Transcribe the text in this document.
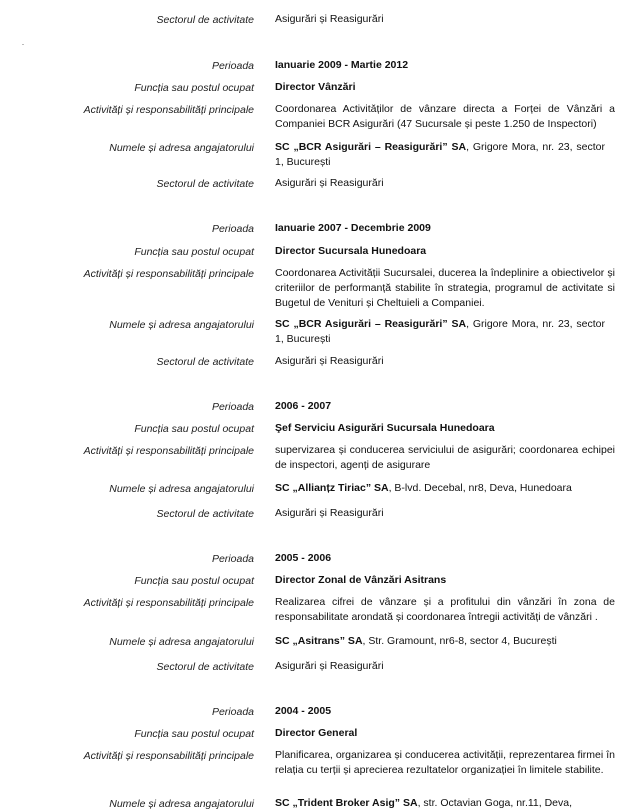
Sectorul de activitate Asigurări și Reasigurări
Perioada Ianuarie 2009 - Martie 2012
Funcția sau postul ocupat Director Vânzări
Activități și responsabilități principale Coordonarea Activitǎților de vânzare directa a Forței de Vânzări a Companiei BCR Asigurări (47 Sucursale și peste 1.250 de Inspectori)
Numele și adresa angajatorului SC „BCR Asigurări – Reasigurări” SA, Grigore Mora, nr. 23, sector 1, București
Sectorul de activitate Asigurări și Reasigurări
Perioada Ianuarie 2007 - Decembrie 2009
Funcția sau postul ocupat Director Sucursala Hunedoara
Activități și responsabilități principale Coordonarea Activității Sucursalei, ducerea la îndeplinire a obiectivelor și criteriilor de performanță stabilite în strategia, programul de activitate si Bugetul de Venituri și Cheltuieli a Companiei.
Numele și adresa angajatorului SC „BCR Asigurări – Reasigurări” SA, Grigore Mora, nr. 23, sector 1, București
Sectorul de activitate Asigurări și Reasigurări
Perioada 2006 - 2007
Funcția sau postul ocupat Şef Serviciu Asigurări Sucursala Hunedoara
Activități și responsabilități principale supervizarea și conducerea serviciului de asigurări; coordonarea echipei de inspectori, agenți de asigurare
Numele și adresa angajatorului SC „Allianțz Tiriac” SA, B-lvd. Decebal, nr8, Deva, Hunedoara
Sectorul de activitate Asigurări și Reasigurări
Perioada 2005 - 2006
Funcția sau postul ocupat Director Zonal de Vânzări Asitrans
Activități și responsabilități principale Realizarea cifrei de vânzare și a profitului din vânzări în zona de responsabilitate arondată și coordonarea întregii activități de vânzări .
Numele și adresa angajatorului SC „Asitrans” SA, Str. Gramount, nr6-8, sector 4, București
Sectorul de activitate Asigurări și Reasigurări
Perioada 2004 - 2005
Funcția sau postul ocupat Director General
Activități și responsabilități principale Planificarea, organizarea și conducerea activității, reprezentarea firmei în relația cu terții și aprecierea rezultatelor organizației în limitele stabilite.
Numele și adresa angajatorului SC „Trident Broker Asig” SA, str. Octavian Goga, nr.11, Deva,
